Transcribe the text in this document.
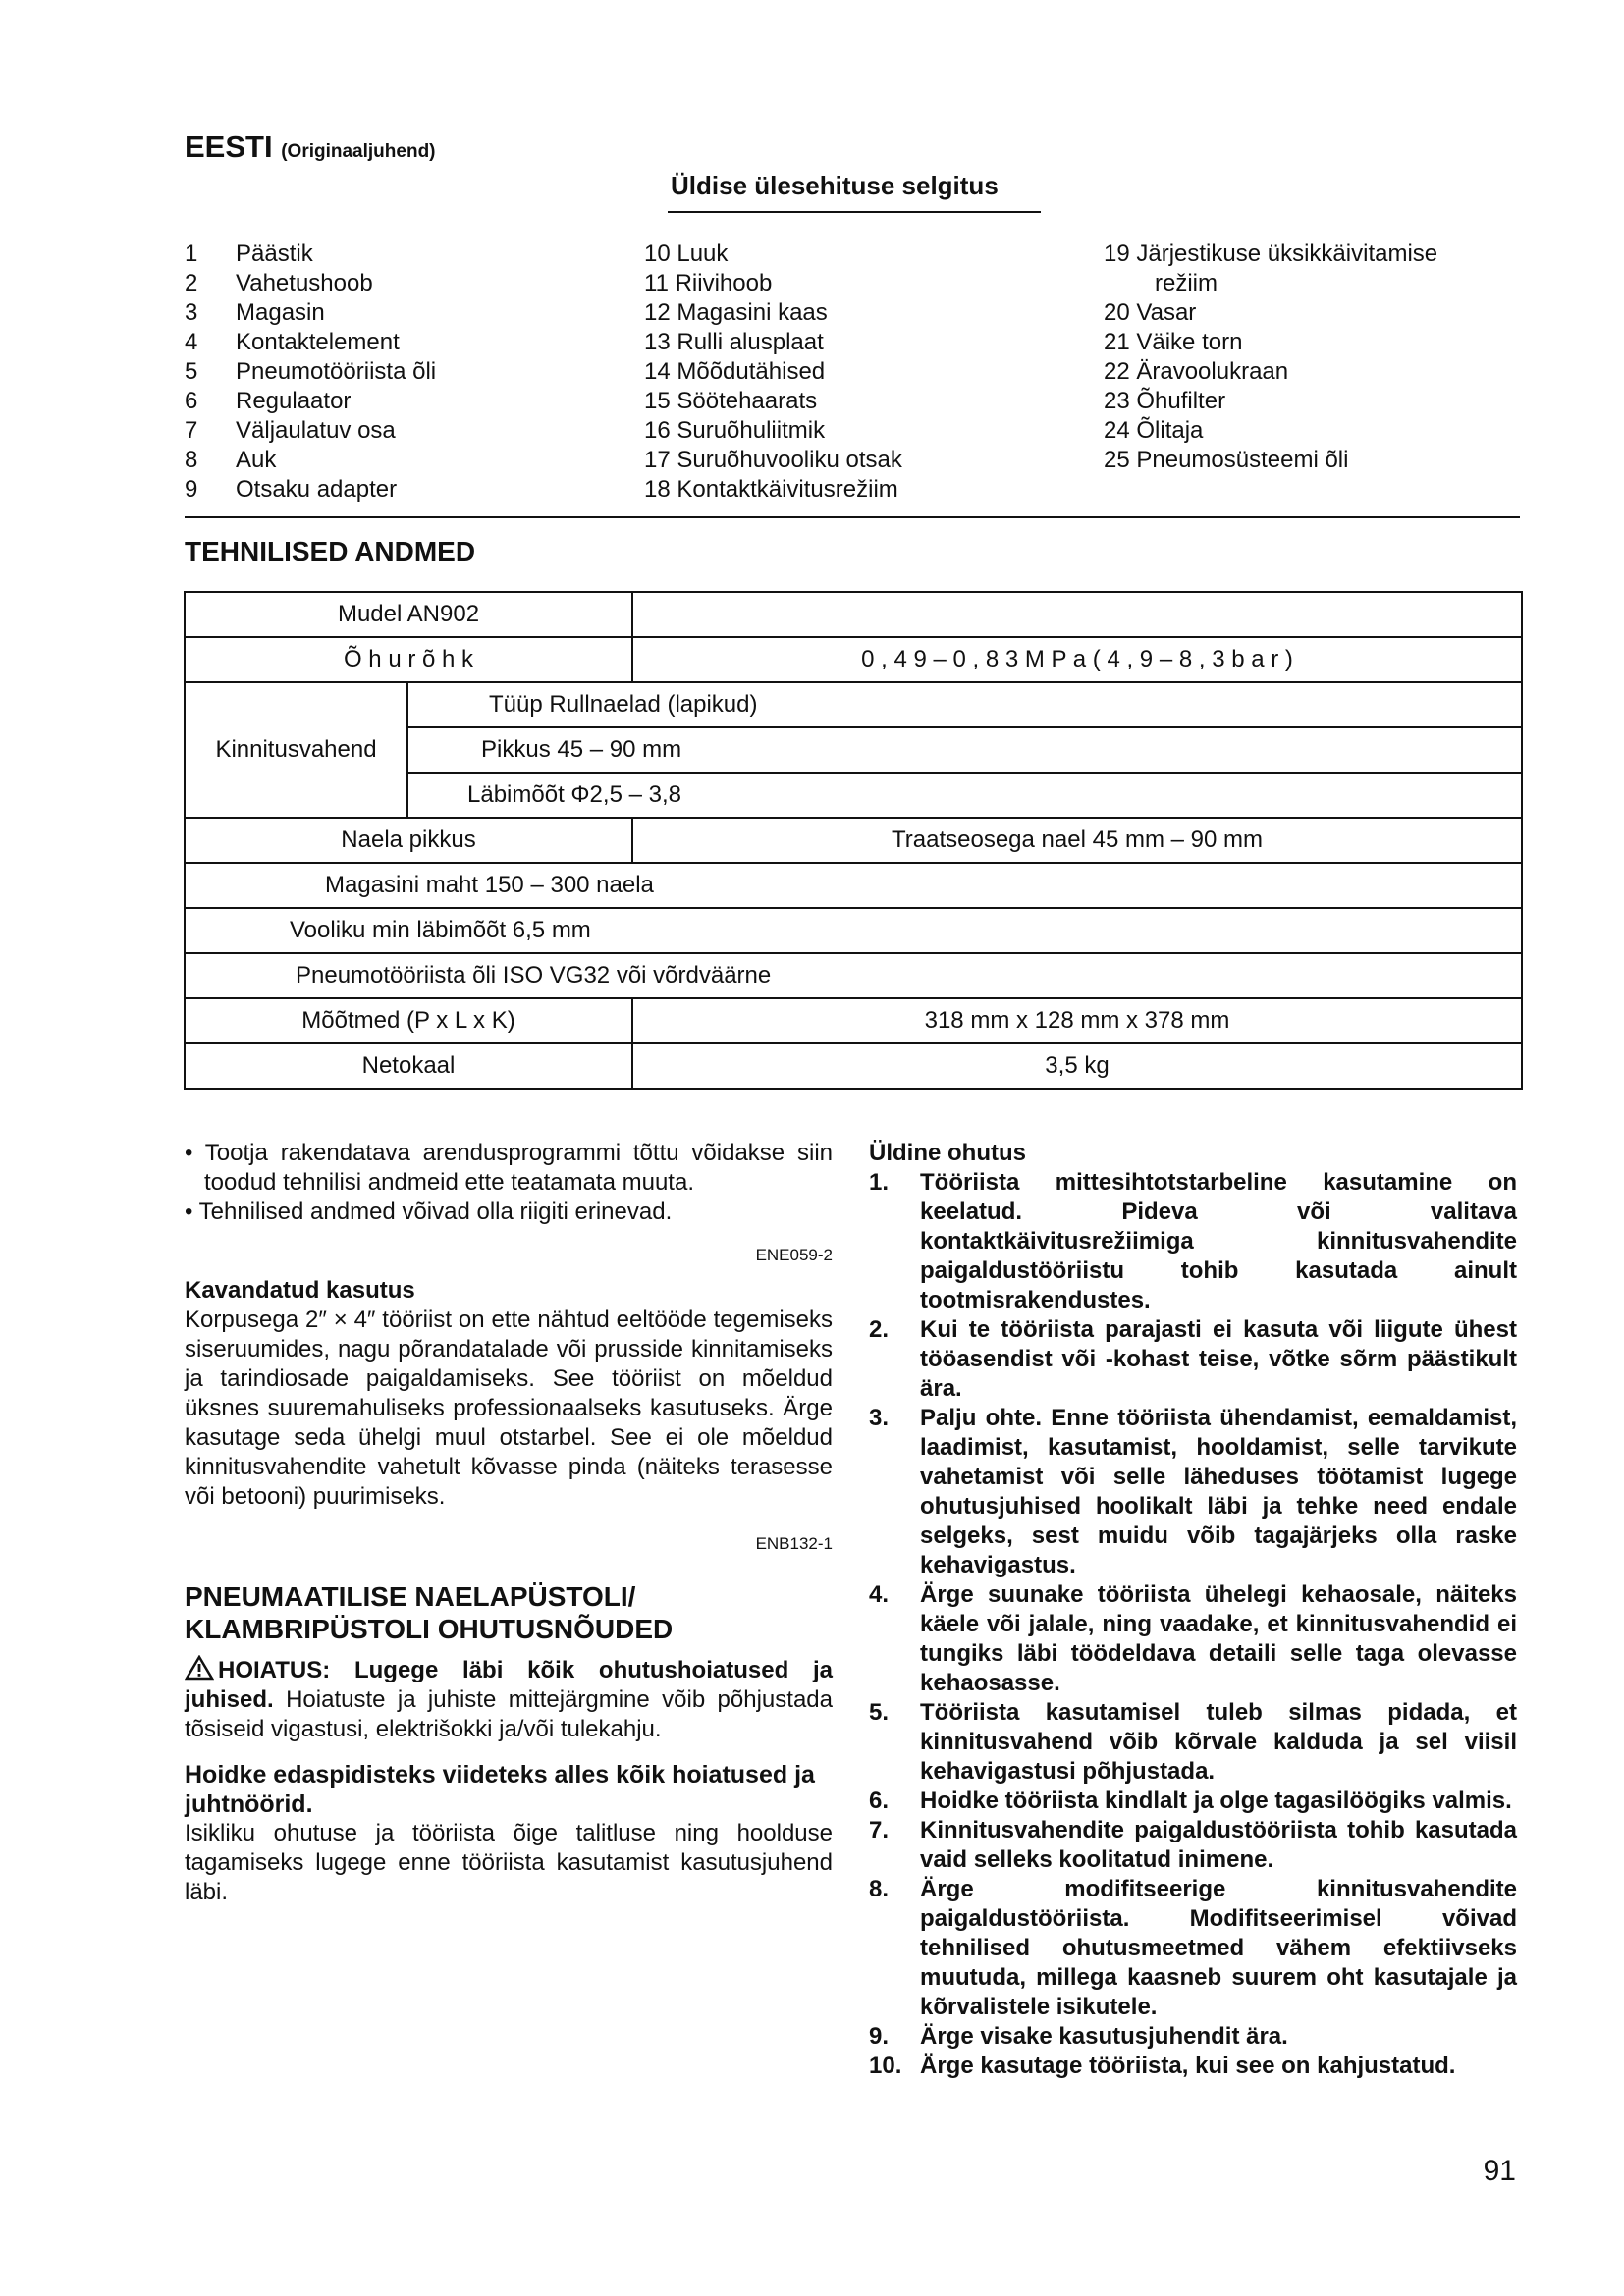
EESTI (Originaaljuhend)
Üldise ülesehituse selgitus
1 Päästik
2 Vahetushoob
3 Magasin
4 Kontaktelement
5 Pneumotööriista õli
6 Regulaator
7 Väljaulatuv osa
8 Auk
9 Otsaku adapter
10 Luuk
11 Riivihoob
12 Magasini kaas
13 Rulli alusplaat
14 Mõõdutähised
15 Söötehaarats
16 Suruõhuliitmik
17 Suruõhuvooliku otsak
18 Kontaktkäivitusrežiim
19 Järjestikuse üksikkäivitamise
režiim
20 Vasar
21 Väike torn
22 Äravoolukraan
23 Õhufilter
24 Õlitaja
25 Pneumosüsteemi õli
TEHNILISED ANDMED
Mudel AN902		
Õ h u r õ h k		0 , 4 9 – 0 , 8 3 M P a ( 4 , 9 – 8 , 3 b a r )
Kinnitusvahend	Tüüp Rullnaelad (lapikud)	
	Pikkus 45 – 90 mm	
	Läbimõõt Φ2,5 – 3,8	
Naela pikkus		Traatseosega nael 45 mm – 90 mm
Magasini maht 150 – 300 naela		
Vooliku min läbimõõt 6,5 mm		
Pneumotööriista õli ISO VG32 või võrdväärne		
Mõõtmed (P x L x K)		318 mm x 128 mm x 378 mm
Netokaal		3,5 kg
• Tootja rakendatava arendusprogrammi tõttu võidakse siin toodud tehnilisi andmeid ette teatamata muuta.
• Tehnilised andmed võivad olla riigiti erinevad.
ENE059-2
Kavandatud kasutus
Korpusega 2″ × 4″ tööriist on ette nähtud eeltööde tegemiseks siseruumides, nagu põrandatalade või prusside kinnitamiseks ja tarindiosade paigaldamiseks. See tööriist on mõeldud üksnes suuremahuliseks professionaalseks kasutuseks. Ärge kasutage seda ühelgi muul otstarbel. See ei ole mõeldud kinnitusvahendite vahetult kõvasse pinda (näiteks terasesse või betooni) puurimiseks.
ENB132-1
PNEUMAATILISE NAELAPÜSTOLI/ KLAMBRIPÜSTOLI OHUTUSNÕUDED
HOIATUS: Lugege läbi kõik ohutushoiatused ja juhised. Hoiatuste ja juhiste mittejärgmine võib põhjustada tõsiseid vigastusi, elektrišokki ja/või tulekahju.
Hoidke edaspidisteks viideteks alles kõik hoiatused ja juhtnöörid.
Isikliku ohutuse ja tööriista õige talitluse ning hoolduse tagamiseks lugege enne tööriista kasutamist kasutusjuhend läbi.
Üldine ohutus
1. Tööriista mittesihtotstarbeline kasutamine on keelatud. Pideva või valitava kontaktkäivitusrežiimiga kinnitusvahendite paigaldustööriistu tohib kasutada ainult tootmisrakendustes.
2. Kui te tööriista parajasti ei kasuta või liigute ühest tööasendist või -kohast teise, võtke sõrm päästikult ära.
3. Palju ohte. Enne tööriista ühendamist, eemaldamist, laadimist, kasutamist, hooldamist, selle tarvikute vahetamist või selle läheduses töötamist lugege ohutusjuhised hoolikalt läbi ja tehke need endale selgeks, sest muidu võib tagajärjeks olla raske kehavigastus.
4. Ärge suunake tööriista ühelegi kehaosale, näiteks käele või jalale, ning vaadake, et kinnitusvahendid ei tungiks läbi töödeldava detaili selle taga olevasse kehaosasse.
5. Tööriista kasutamisel tuleb silmas pidada, et kinnitusvahend võib kõrvale kalduda ja sel viisil kehavigastusi põhjustada.
6. Hoidke tööriista kindlalt ja olge tagasilöögiks valmis.
7. Kinnitusvahendite paigaldustööriista tohib kasutada vaid selleks koolitatud inimene.
8. Ärge modifitseerige kinnitusvahendite paigaldustööriista. Modifitseerimisel võivad tehnilised ohutusmeetmed vähem efektiivseks muutuda, millega kaasneb suurem oht kasutajale ja kõrvalistele isikutele.
9. Ärge visake kasutusjuhendit ära.
10. Ärge kasutage tööriista, kui see on kahjustatud.
91
